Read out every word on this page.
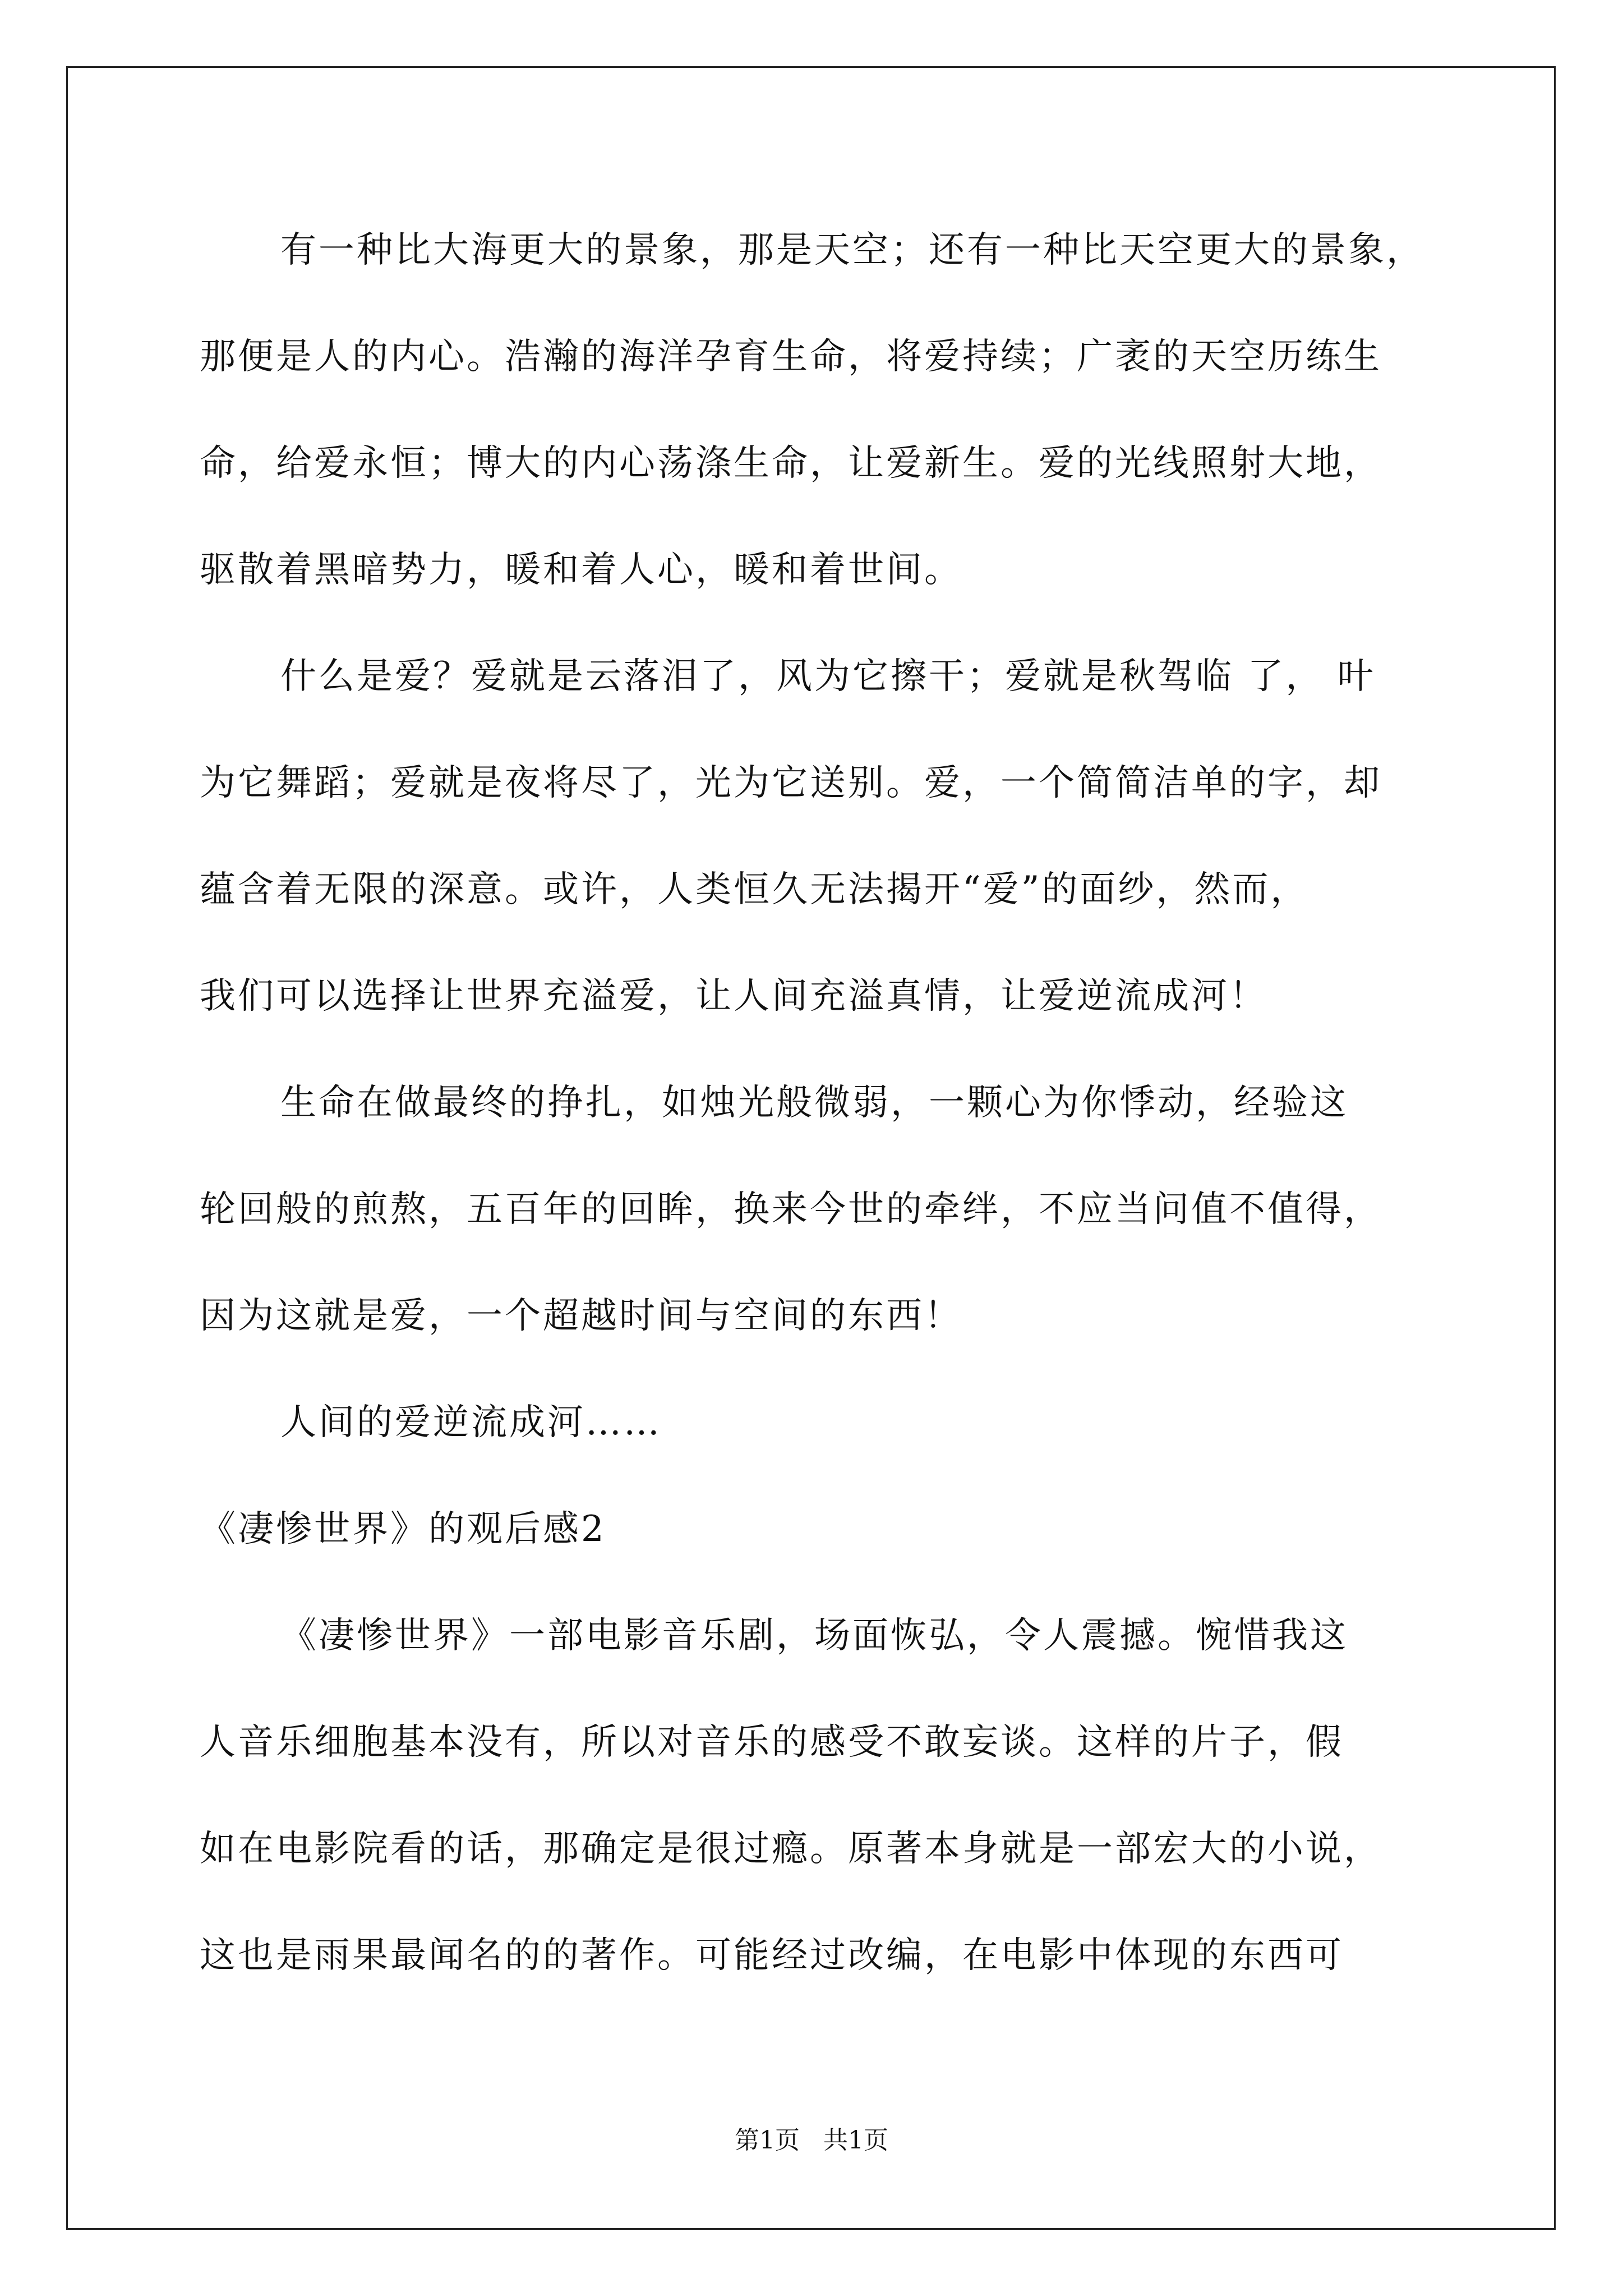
有一种比大海更大的景象，那是天空；还有一种比天空更大的景象，
那便是人的内心。浩瀚的海洋孕育生命，将爱持续；广袤的天空历练生
命，给爱永恒；博大的内心荡涤生命，让爱新生。爱的光线照射大地，
驱散着黑暗势力，暖和着人心，暖和着世间。
什么是爱？爱就是云落泪了，风为它擦干；爱就是秋驾临 了， 叶
为它舞蹈；爱就是夜将尽了，光为它送别。爱，一个简简洁单的字，却
蕴含着无限的深意。或许，人类恒久无法揭开“爱”的面纱，然而，
我们可以选择让世界充溢爱，让人间充溢真情，让爱逆流成河！
生命在做最终的挣扎，如烛光般微弱，一颗心为你悸动，经验这
轮回般的煎熬，五百年的回眸，换来今世的牵绊，不应当问值不值得，
因为这就是爱，一个超越时间与空间的东西！
人间的爱逆流成河……
《凄惨世界》的观后感2
《凄惨世界》一部电影音乐剧，场面恢弘，令人震撼。惋惜我这
人音乐细胞基本没有，所以对音乐的感受不敢妄谈。这样的片子，假
如在电影院看的话，那确定是很过瘾。原著本身就是一部宏大的小说，
这也是雨果最闻名的的著作。可能经过改编，在电影中体现的东西可
第1页   共1页
